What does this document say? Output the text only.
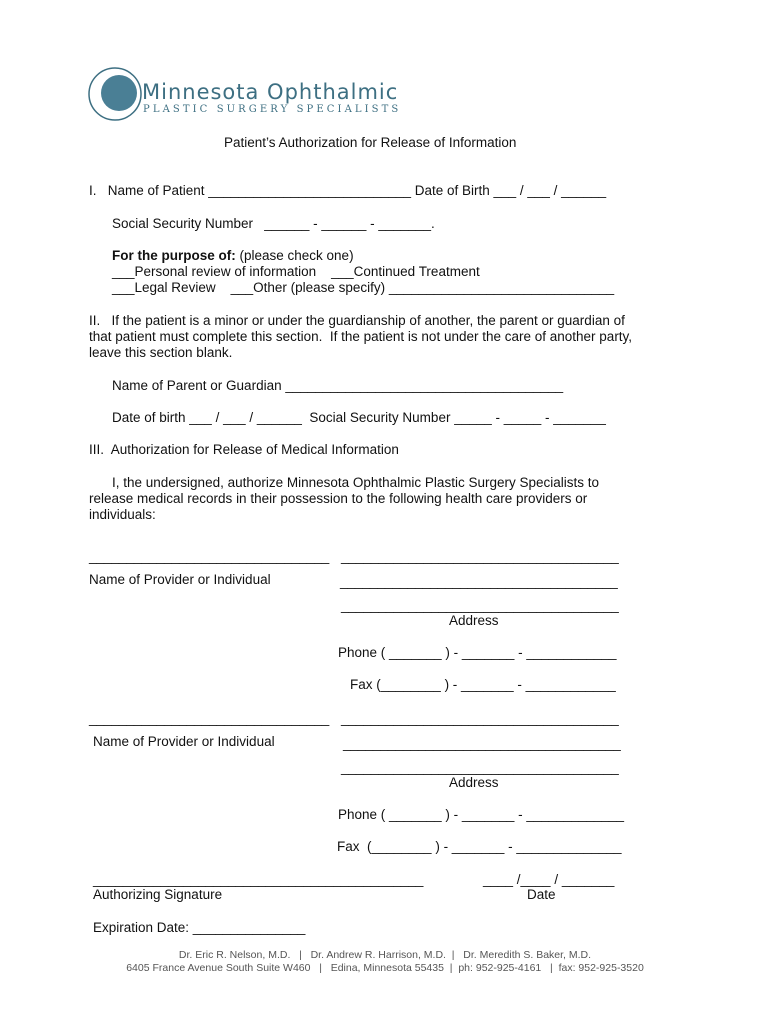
Minnesota Ophthalmic
PLASTIC SURGERY SPECIALISTS
Patient’s Authorization for Release of Information
I.   Name of Patient ___________________________ Date of Birth ___ / ___ / ______
Social Security Number   ______ - ______ - _______.
For the purpose of: (please check one)
___Personal review of information    ___Continued Treatment
___Legal Review    ___Other (please specify) ______________________________
II.   If the patient is a minor or under the guardianship of another, the parent or guardian of
that patient must complete this section.  If the patient is not under the care of another party,
leave this section blank.
Name of Parent or Guardian _____________________________________
Date of birth ___ / ___ / ______  Social Security Number _____ - _____ - _______
III.  Authorization for Release of Medical Information
I, the undersigned, authorize Minnesota Ophthalmic Plastic Surgery Specialists to
release medical records in their possession to the following health care providers or
individuals:
________________________________ _____________________________________
Name of Provider or Individual	_____________________________________
_____________________________________
Address
Phone ( _______ ) - _______ - ____________
Fax (________ ) - _______ - ____________
________________________________ _____________________________________
Name of Provider or Individual	_____________________________________
_____________________________________
Address
Phone ( _______ ) - _______ - _____________
Fax  (________ ) - _______ - ______________
____________________________________________	____ /____ / _______
Authorizing Signature	Date
Expiration Date: _______________
Dr. Eric R. Nelson, M.D.   |   Dr. Andrew R. Harrison, M.D.  |   Dr. Meredith S. Baker, M.D.
6405 France Avenue South Suite W460   |   Edina, Minnesota 55435  |  ph: 952-925-4161   |  fax: 952-925-3520
